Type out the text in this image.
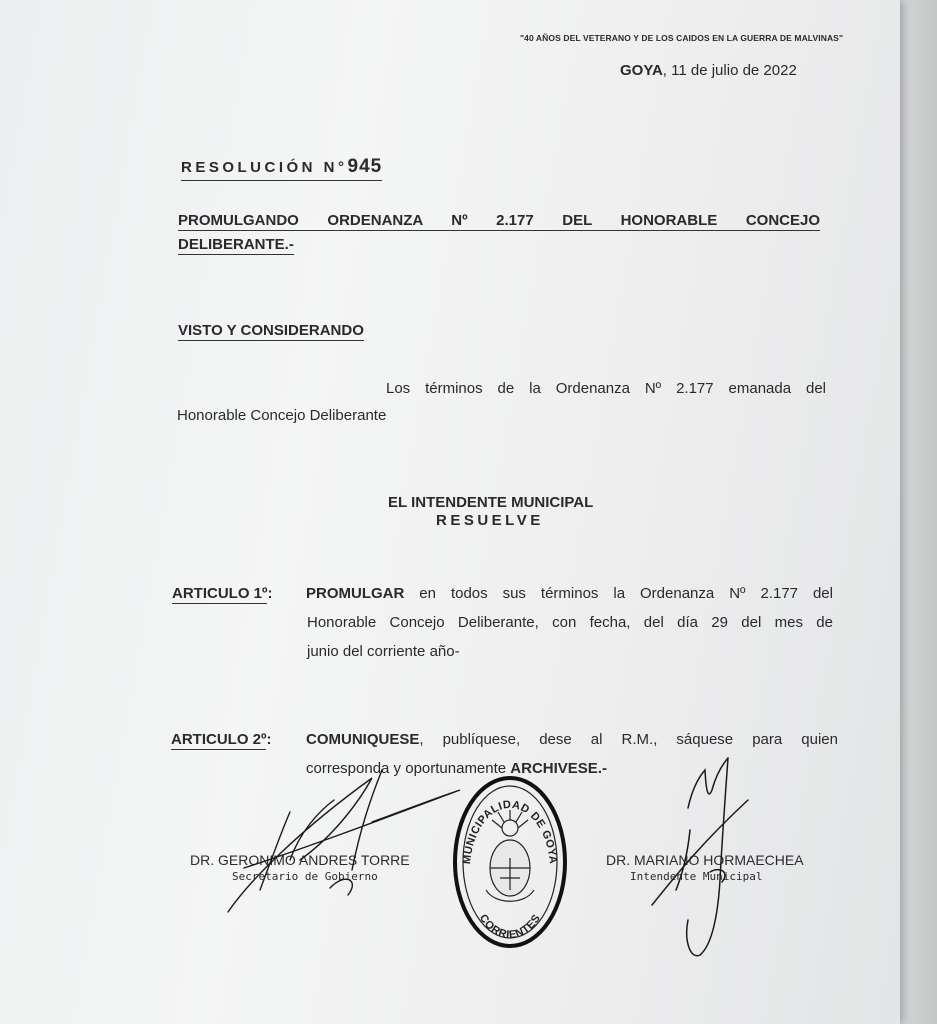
"40 AÑOS DEL VETERANO Y DE LOS CAIDOS EN LA GUERRA DE MALVINAS"
GOYA, 11 de julio de 2022
RESOLUCIÓN N°945
PROMULGANDO ORDENANZA Nº 2.177 DEL HONORABLE CONCEJO
DELIBERANTE.-
VISTO Y CONSIDERANDO
Los términos de la Ordenanza Nº 2.177 emanada del
Honorable Concejo Deliberante
EL INTENDENTE MUNICIPAL
RESUELVE
ARTICULO 1º: PROMULGAR en todos sus términos la Ordenanza Nº 2.177 del
Honorable Concejo Deliberante, con fecha, del día 29 del mes de
junio del corriente año-
ARTICULO 2º: COMUNIQUESE, publíquese, dese al R.M., sáquese para quien
corresponda y oportunamente ARCHIVESE.-
DR. GERONIMO ANDRES TORRE
Secretario de Gobierno
DR. MARIANO HORMAECHEA
Intendente Municipal
MUNICIPALIDAD DE GOYA
CORRIENTES
